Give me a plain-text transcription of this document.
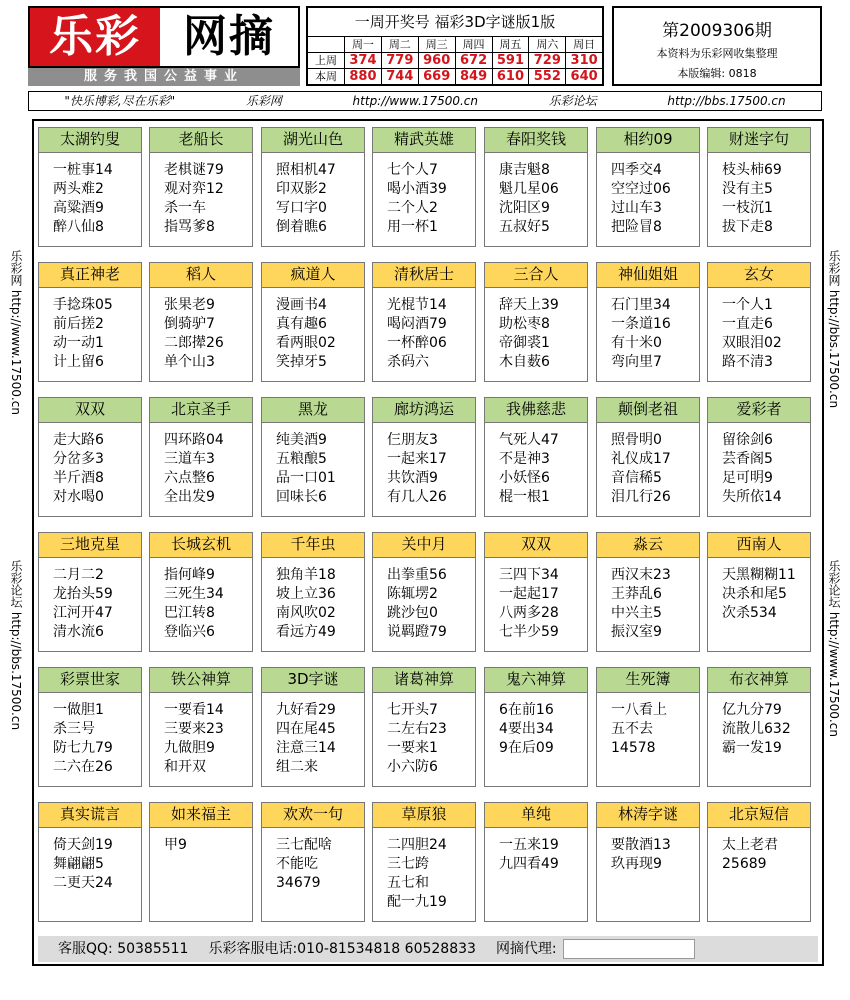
乐彩 网摘
服务我国公益事业
一周开奖号 福彩3D字谜版1版
	周一	周二	周三	周四	周五	周六	周日
上周	374	779	960	672	591	729	310
本周	880	744	669	849	610	552	640
第2009306期
本资料为乐彩网收集整理
本版编辑: 0818
"快乐博彩,尽在乐彩"	乐彩网	http://www.17500.cn	乐彩论坛	http://bbs.17500.cn
乐彩网 http://www.17500.cn
乐彩论坛 http://bbs.17500.cn
乐彩网 http://bbs.17500.cn
乐彩论坛 http://www.17500.cn
太湖钓叟
一桩事14
两头难2
高粱酒9
醉八仙8
老船长
老棋谜79
观对弈12
杀一车
指骂爹8
湖光山色
照相机47
印双影2
写口字0
倒着瞧6
精武英雄
七个人7
喝小酒39
二个人2
用一杯1
春阳奖钱
康吉魁8
魁几星06
沈阳区9
五叔好5
相约09
四季交4
空空过06
过山车3
把险冒8
财迷字句
枝头柿69
没有主5
一枝沉1
拔下走8
真正神老
手捻珠05
前后搓2
动一动1
计上留6
稻人
张果老9
倒骑驴7
二郎撵26
单个山3
疯道人
漫画书4
真有趣6
看两眼02
笑掉牙5
清秋居士
光棍节14
喝闷酒79
一杯醉06
杀码六
三合人
辞天上39
助松枣8
帝御裘1
木自薮6
神仙姐姐
石门里34
一条道16
有十米0
弯向里7
玄女
一个人1
一直走6
双眼泪02
路不清3
双双
走大路6
分岔多3
半斤酒8
对水喝0
北京圣手
四环路04
三道车3
六点整6
全出发9
黑龙
纯美酒9
五粮酿5
品一口01
回味长6
廊坊鸿运
仨朋友3
一起来17
共饮酒9
有几人26
我佛慈悲
气死人47
不是神3
小妖怪6
棍一根1
颠倒老祖
照骨明0
礼仪成17
音信稀5
泪几行26
爱彩者
留徐剑6
芸香阁5
足可明9
失所依14
三地克星
二月二2
龙抬头59
江河开47
清水流6
长城玄机
指何峰9
三死生34
巴江转8
登临兴6
千年虫
独角羊18
坡上立36
南风吹02
看远方49
关中月
出拳重56
陈辄塄2
跳沙包0
说羁蹬79
双双
三四下34
一起起17
八两多28
七半少59
淼云
西汉末23
王莽乱6
中兴主5
振汉室9
西南人
天黑糊糊11
决杀和尾5
次杀534
彩票世家
一做胆1
杀三号
防七九79
二六在26
铁公神算
一要看14
三要来23
九做胆9
和开双
3D字谜
九好看29
四在尾45
注意三14
组二来
诸葛神算
七开头7
二左右23
一要来1
小六防6
鬼六神算
6在前16
4要出34
9在后09
生死簿
一八看上
五不去
14578
布衣神算
亿九分79
流散儿632
霸一发19
真实谎言
倚天剑19
舞翩翩5
二更天24
如来福主
甲9
欢欢一句
三七配啥
不能吃
34679
草原狼
二四胆24
三七跨
五七和
配一九19
单纯
一五来19
九四看49
林涛字谜
要散酒13
玖再现9
北京短信
太上老君
25689
客服QQ: 50385511 乐彩客服电话:010-81534818 60528833 网摘代理:
